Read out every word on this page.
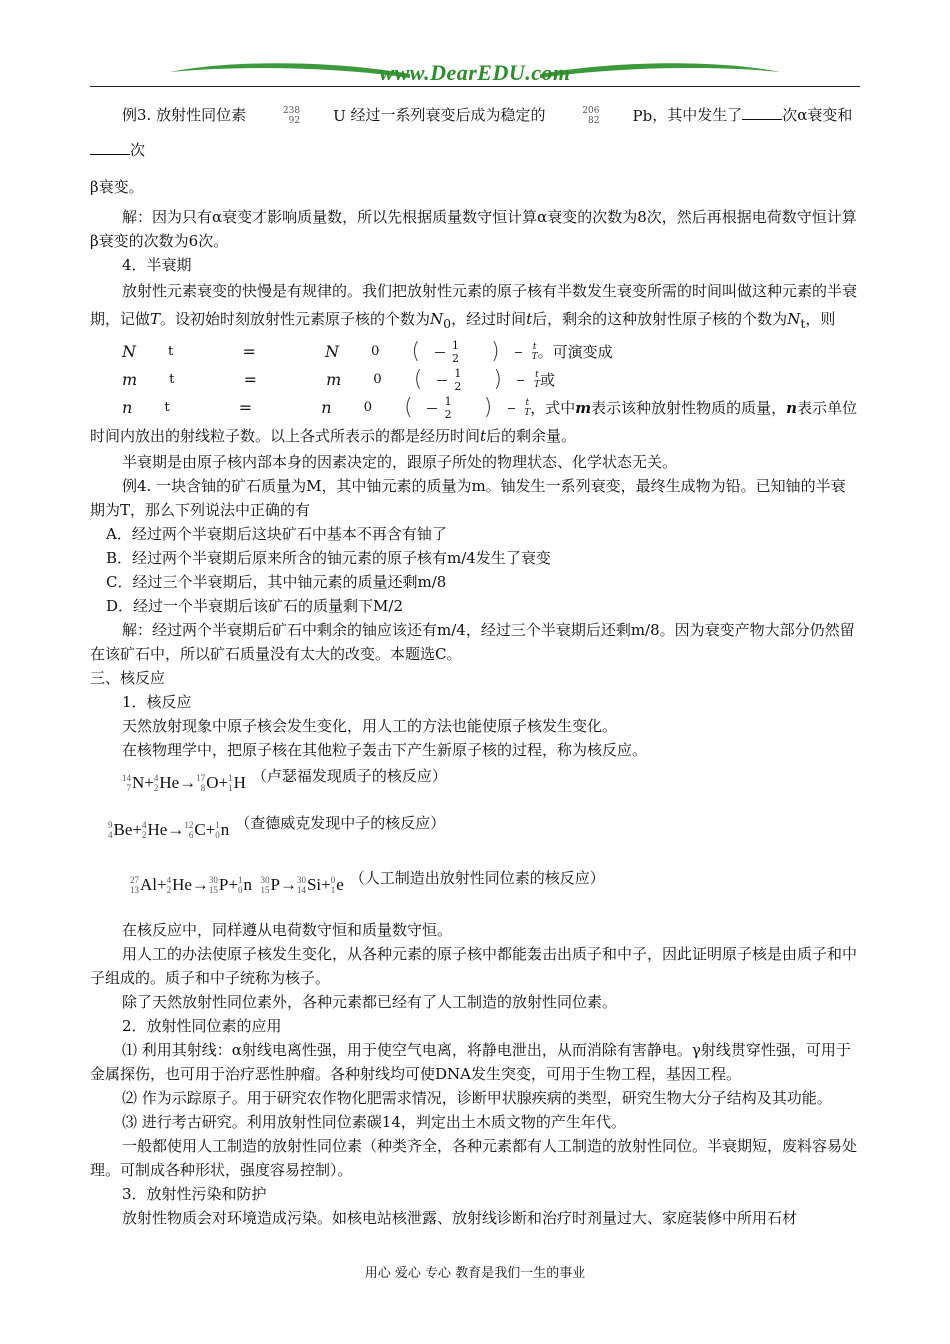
www.DearEDU.com

例3. 放射性同位素	238
92	U 经过一系列衰变后成为稳定的	206
82	Pb ，其中发生了	次α衰变和次

β衰变。

解：因为只有α衰变才影响质量数，所以先根据质量数守恒计算α衰变的次数为8次，然后再根据电荷数守恒计算β衰变的次数为6次。

4．半衰期

放射性元素衰变的快慢是有规律的。我们把放射性元素的原子核有半数发生衰变所需的时间叫做这种元素的半衰期，记做T。设初始时刻放射性元素原子核的个数为$N_0$，经过时间t后，剩余的这种放射性原子核的个数为$N_t$，则
N	t
	=
	N	0	( $\frac{1}{2}$	) $\frac{t}{T}$ 。可演变成
m	t
	=
	m	0	( $\frac{1}{2}$	) $\frac{t}{T}$ 或
n	t
	=
	n	0	( $\frac{1}{2}$	) $\frac{t}{T}$ ，式中m表示该种放射性物质的质量，n表示单位时间内放出的射线粒子数。以上各式所表示的都是经历时间t后的剩余量。

半衰期是由原子核内部本身的因素决定的，跟原子所处的物理状态、化学状态无关。

例4. 一块含铀的矿石质量为M，其中铀元素的质量为m。铀发生一系列衰变，最终生成物为铅。已知铀的半衰期为T，那么下列说法中正确的有

A．经过两个半衰期后这块矿石中基本不再含有铀了

B．经过两个半衰期后原来所含的铀元素的原子核有m/4发生了衰变

C．经过三个半衰期后，其中铀元素的质量还剩m/8

D．经过一个半衰期后该矿石的质量剩下M/2

解：经过两个半衰期后矿石中剩余的铀应该还有m/4，经过三个半衰期后还剩m/8。因为衰变产物大部分仍然留在该矿石中，所以矿石质量没有太大的改变。本题选C。

三、核反应

1．核反应

天然放射现象中原子核会发生变化，用人工的方法也能使原子核发生变化。

在核物理学中，把原子核在其他粒子轰击下产生新原子核的过程，称为核反应。

14
7 N + 4
2 He → 17
8 O + 1
1 H （卢瑟福发现质子的核反应）
9
4 Be + 4
2 He → 12
6 C + 1
0 n （查德威克发现中子的核反应）
27
13 Al + 4
2 He → 30
15 P + 1
0 n
30
15 P → 30
14 Si + 0
1 e （人工制造出放射性同位素的核反应）

在核反应中，同样遵从电荷数守恒和质量数守恒。

用人工的办法使原子核发生变化，从各种元素的原子核中都能轰击出质子和中子，因此证明原子核是由质子和中子组成的。质子和中子统称为核子。

除了天然放射性同位素外，各种元素都已经有了人工制造的放射性同位素。

2．放射性同位素的应用

⑴ 利用其射线：α射线电离性强，用于使空气电离，将静电泄出，从而消除有害静电。γ射线贯穿性强，可用于金属探伤，也可用于治疗恶性肿瘤。各种射线均可使DNA发生突变，可用于生物工程，基因工程。

⑵ 作为示踪原子。用于研究农作物化肥需求情况，诊断甲状腺疾病的类型，研究生物大分子结构及其功能。

⑶ 进行考古研究。利用放射性同位素碳14，判定出土木质文物的产生年代。

一般都使用人工制造的放射性同位素（种类齐全，各种元素都有人工制造的放射性同位。半衰期短，废料容易处理。可制成各种形状，强度容易控制）。

3．放射性污染和防护

放射性物质会对环境造成污染。如核电站核泄露、放射线诊断和治疗时剂量过大、家庭装修中所用石材

用心 爱心 专心 教育是我们一生的事业
